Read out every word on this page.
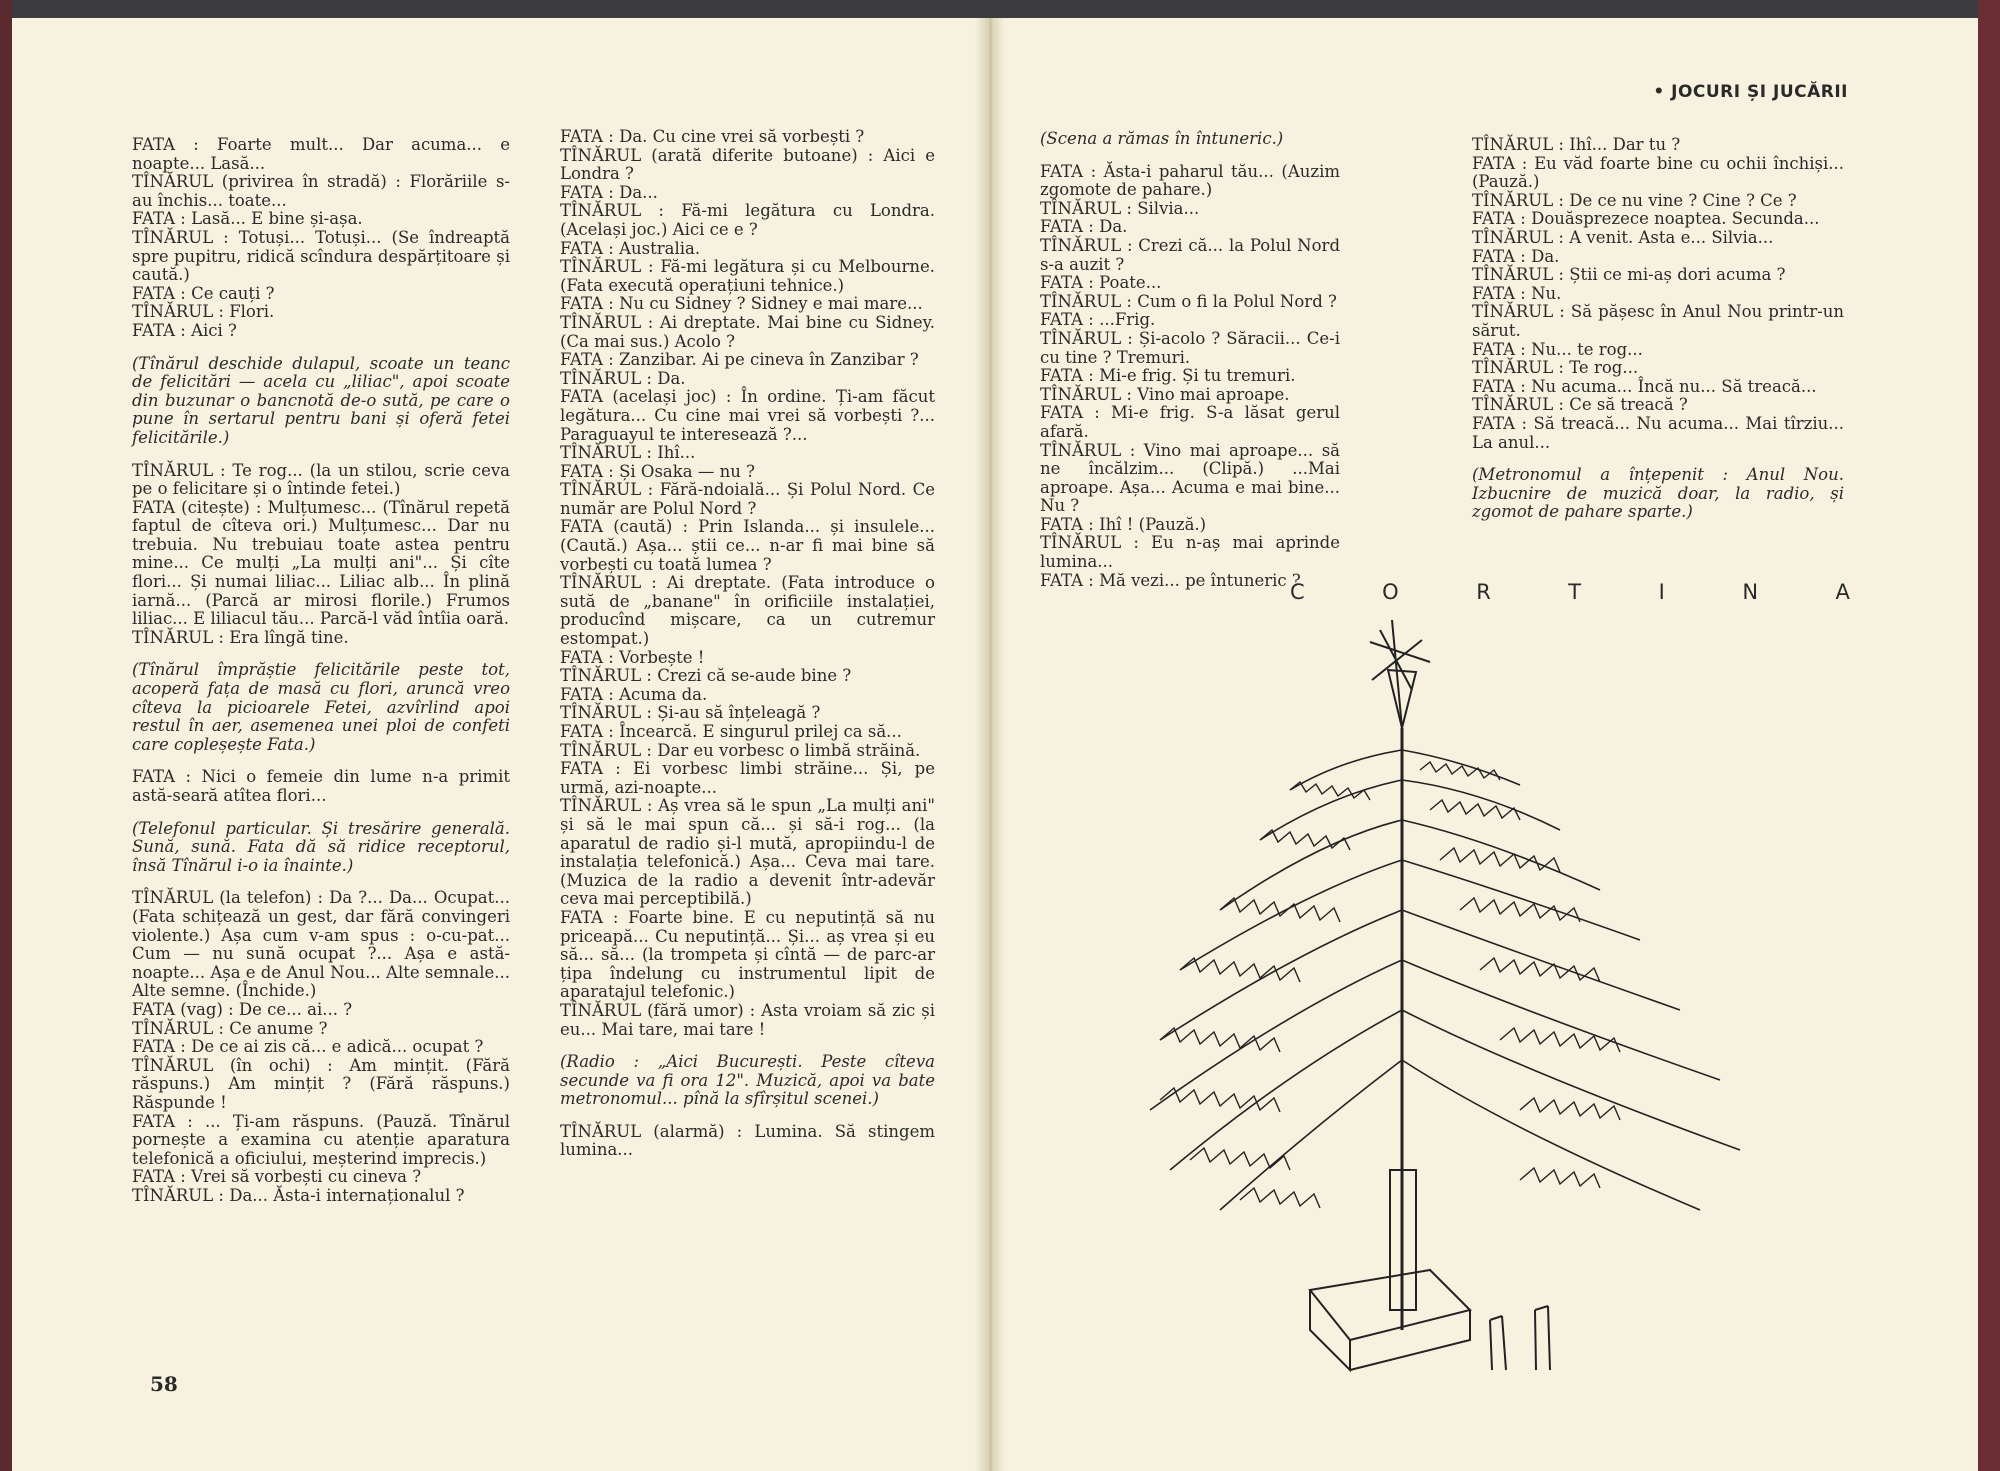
• JOCURI ȘI JUCĂRII

FATA : Foarte mult... Dar acuma... e noapte... Lasă...

TÎNĂRUL (privirea în stradă) : Florăriile s-au închis... toate...

FATA : Lasă... E bine și-așa.

TÎNĂRUL : Totuși... Totuși... (Se îndreaptă spre pupitru, ridică scîndura despărțitoare și caută.)

FATA : Ce cauți ?

TÎNĂRUL : Flori.

FATA : Aici ?

(Tînărul deschide dulapul, scoate un teanc de felicitări — acela cu „liliac", apoi scoate din buzunar o bancnotă de-o sută, pe care o pune în sertarul pentru bani și oferă fetei felicitările.)

TÎNĂRUL : Te rog... (la un stilou, scrie ceva pe o felicitare și o întinde fetei.)

FATA (citește) : Mulțumesc... (Tînărul repetă faptul de cîteva ori.) Mulțumesc... Dar nu trebuia. Nu trebuiau toate astea pentru mine... Ce mulți „La mulți ani"... Și cîte flori... Și numai liliac... Liliac alb... În plină iarnă... (Parcă ar mirosi florile.) Frumos liliac... E liliacul tău... Parcă-l văd întîia oară.

TÎNĂRUL : Era lîngă tine.

(Tînărul împrăștie felicitările peste tot, acoperă fața de masă cu flori, aruncă vreo cîteva la picioarele Fetei, azvîrlind apoi restul în aer, asemenea unei ploi de confeti care copleșește Fata.)

FATA : Nici o femeie din lume n-a primit astă-seară atîtea flori...

(Telefonul particular. Și tresărire generală. Sună, sună. Fata dă să ridice receptorul, însă Tînărul i-o ia înainte.)

TÎNĂRUL (la telefon) : Da ?... Da... Ocupat... (Fata schițează un gest, dar fără convingeri violente.) Așa cum v-am spus : o-cu-pat... Cum — nu sună ocupat ?... Așa e astă-noapte... Așa e de Anul Nou... Alte semnale... Alte semne. (Închide.)

FATA (vag) : De ce... ai... ?

TÎNĂRUL : Ce anume ?

FATA : De ce ai zis că... e adică... ocupat ?

TÎNĂRUL (în ochi) : Am mințit. (Fără răspuns.) Am mințit ? (Fără răspuns.) Răspunde !

FATA : ... Ți-am răspuns. (Pauză. Tînărul pornește a examina cu atenție aparatura telefonică a oficiului, meșterind imprecis.)

FATA : Vrei să vorbești cu cineva ?

TÎNĂRUL : Da... Ăsta-i internaționalul ?

FATA : Da. Cu cine vrei să vorbești ?

TÎNĂRUL (arată diferite butoane) : Aici e Londra ?

FATA : Da...

TÎNĂRUL : Fă-mi legătura cu Londra. (Același joc.) Aici ce e ?

FATA : Australia.

TÎNĂRUL : Fă-mi legătura și cu Melbourne. (Fata execută operațiuni tehnice.)

FATA : Nu cu Sidney ? Sidney e mai mare...

TÎNĂRUL : Ai dreptate. Mai bine cu Sidney. (Ca mai sus.) Acolo ?

FATA : Zanzibar. Ai pe cineva în Zanzibar ?

TÎNĂRUL : Da.

FATA (același joc) : În ordine. Ți-am făcut legătura... Cu cine mai vrei să vorbești ?... Paraguayul te interesează ?...

TÎNĂRUL : Ihî...

FATA : Și Osaka — nu ?

TÎNĂRUL : Fără-ndoială... Și Polul Nord. Ce număr are Polul Nord ?

FATA (caută) : Prin Islanda... și insulele... (Caută.) Așa... știi ce... n-ar fi mai bine să vorbești cu toată lumea ?

TÎNĂRUL : Ai dreptate. (Fata introduce o sută de „banane" în orificiile instalației, producînd mișcare, ca un cutremur estompat.)

FATA : Vorbește !

TÎNĂRUL : Crezi că se-aude bine ?

FATA : Acuma da.

TÎNĂRUL : Și-au să înțeleagă ?

FATA : Încearcă. E singurul prilej ca să...

TÎNĂRUL : Dar eu vorbesc o limbă străină.

FATA : Ei vorbesc limbi străine... Și, pe urmă, azi-noapte...

TÎNĂRUL : Aș vrea să le spun „La mulți ani" și să le mai spun că... și să-i rog... (la aparatul de radio și-l mută, apropiindu-l de instalația telefonică.) Așa... Ceva mai tare. (Muzica de la radio a devenit într-adevăr ceva mai perceptibilă.)

FATA : Foarte bine. E cu neputință să nu priceapă... Cu neputință... Și... aș vrea și eu să... să... (la trompeta și cîntă — de parc-ar țipa îndelung cu instrumentul lipit de aparatajul telefonic.)

TÎNĂRUL (fără umor) : Asta vroiam să zic și eu... Mai tare, mai tare !

(Radio : „Aici București. Peste cîteva secunde va fi ora 12". Muzică, apoi va bate metronomul... pînă la sfîrșitul scenei.)

TÎNĂRUL (alarmă) : Lumina. Să stingem lumina...

(Scena a rămas în întuneric.)

FATA : Ăsta-i paharul tău... (Auzim zgomote de pahare.)

TÎNĂRUL : Silvia...

FATA : Da.

TÎNĂRUL : Crezi că... la Polul Nord s-a auzit ?

FATA : Poate...

TÎNĂRUL : Cum o fi la Polul Nord ?

FATA : ...Frig.

TÎNĂRUL : Și-acolo ? Săracii... Ce-i cu tine ? Tremuri.

FATA : Mi-e frig. Și tu tremuri.

TÎNĂRUL : Vino mai aproape.

FATA : Mi-e frig. S-a lăsat gerul afară.

TÎNĂRUL : Vino mai aproape... să ne încălzim... (Clipă.) ...Mai aproape. Așa... Acuma e mai bine... Nu ?

FATA : Ihî ! (Pauză.)

TÎNĂRUL : Eu n-aș mai aprinde lumina...

FATA : Mă vezi... pe întuneric ?

TÎNĂRUL : Ihî... Dar tu ?

FATA : Eu văd foarte bine cu ochii închiși... (Pauză.)

TÎNĂRUL : De ce nu vine ? Cine ? Ce ?

FATA : Douăsprezece noaptea. Secunda...

TÎNĂRUL : A venit. Asta e... Silvia...

FATA : Da.

TÎNĂRUL : Știi ce mi-aș dori acuma ?

FATA : Nu.

TÎNĂRUL : Să pășesc în Anul Nou printr-un sărut.

FATA : Nu... te rog...

TÎNĂRUL : Te rog...

FATA : Nu acuma... Încă nu... Să treacă...

TÎNĂRUL : Ce să treacă ?

FATA : Să treacă... Nu acuma... Mai tîrziu... La anul...

(Metronomul a înțepenit : Anul Nou. Izbucnire de muzică doar, la radio, și zgomot de pahare sparte.)

C	O	R	T	I	N	A
58
